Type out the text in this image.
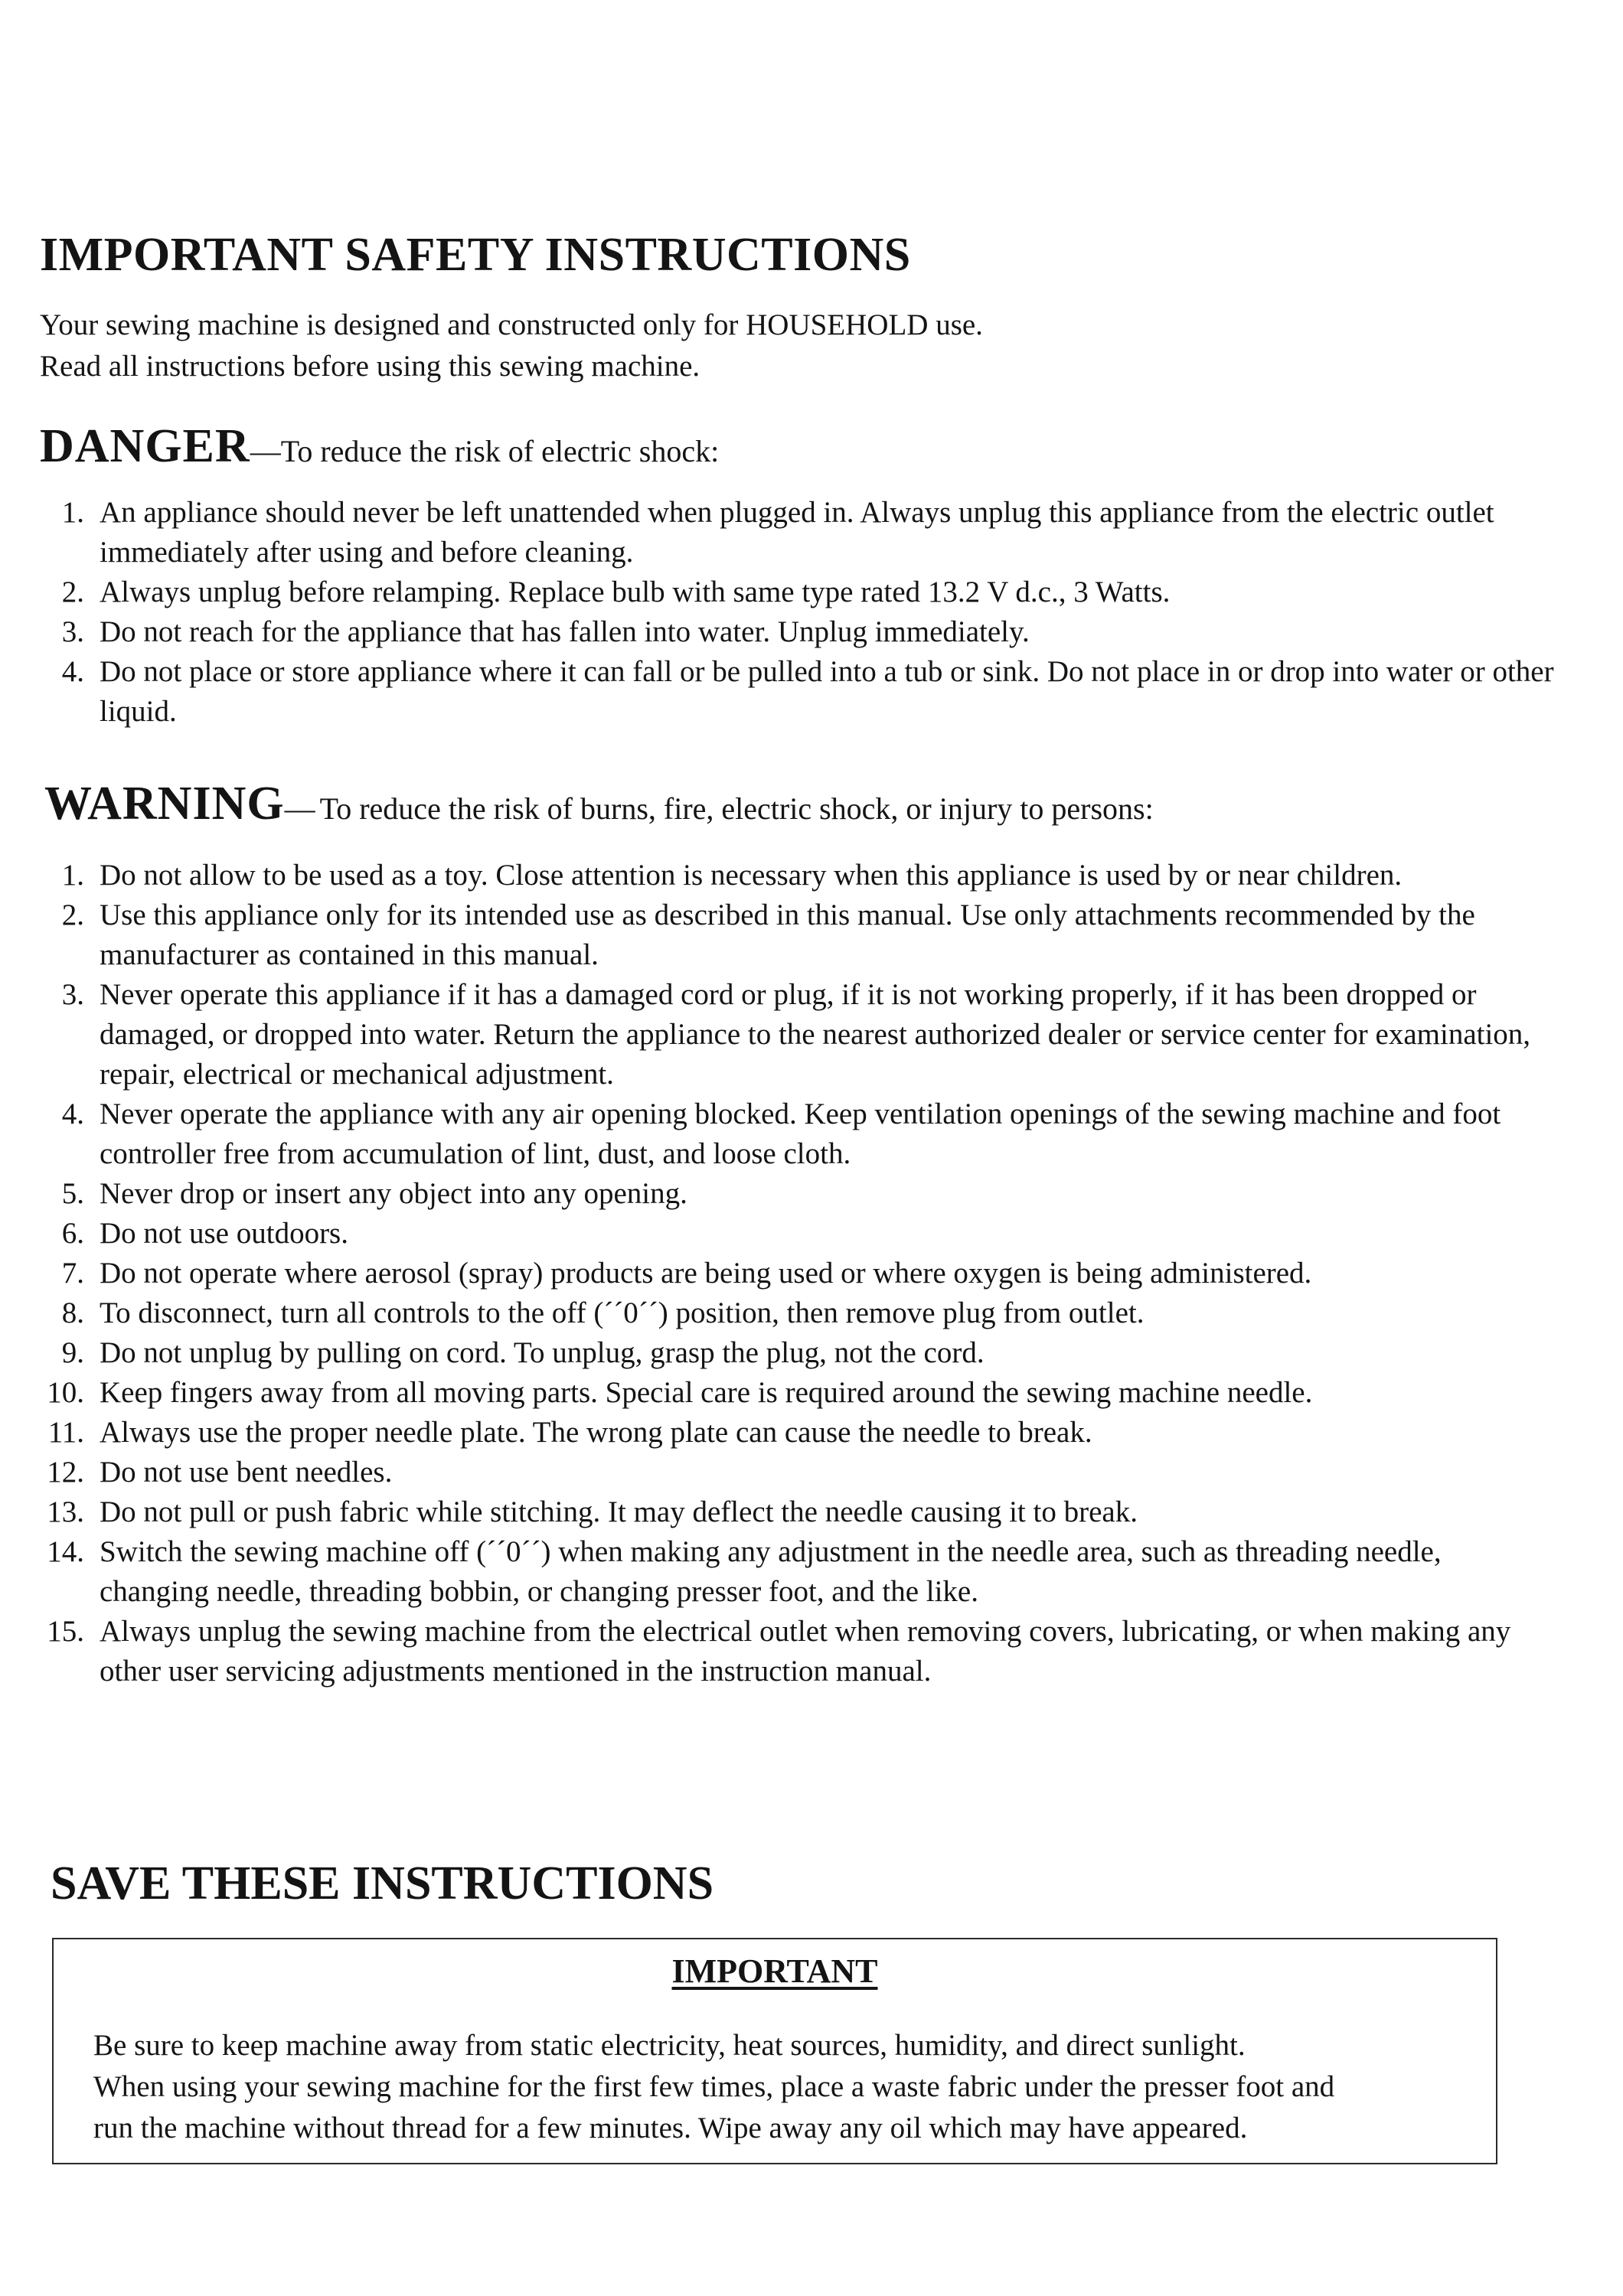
IMPORTANT SAFETY INSTRUCTIONS

Your sewing machine is designed and constructed only for HOUSEHOLD use.

Read all instructions before using this sewing machine.

DANGER—To reduce the risk of electric shock:
1. An appliance should never be left unattended when plugged in. Always unplug this appliance from the electric outlet immediately after using and before cleaning.
2. Always unplug before relamping. Replace bulb with same type rated 13.2 V d.c., 3 Watts.
3. Do not reach for the appliance that has fallen into water. Unplug immediately.
4. Do not place or store appliance where it can fall or be pulled into a tub or sink. Do not place in or drop into water or other liquid.
WARNING— To reduce the risk of burns, fire, electric shock, or injury to persons:
1. Do not allow to be used as a toy. Close attention is necessary when this appliance is used by or near children.
2. Use this appliance only for its intended use as described in this manual. Use only attachments recommended by the manufacturer as contained in this manual.
3. Never operate this appliance if it has a damaged cord or plug, if it is not working properly, if it has been dropped or damaged, or dropped into water. Return the appliance to the nearest authorized dealer or service center for examination, repair, electrical or mechanical adjustment.
4. Never operate the appliance with any air opening blocked. Keep ventilation openings of the sewing machine and foot controller free from accumulation of lint, dust, and loose cloth.
5. Never drop or insert any object into any opening.
6. Do not use outdoors.
7. Do not operate where aerosol (spray) products are being used or where oxygen is being administered.
8. To disconnect, turn all controls to the off (´´0´´) position, then remove plug from outlet.
9. Do not unplug by pulling on cord. To unplug, grasp the plug, not the cord.
10. Keep fingers away from all moving parts. Special care is required around the sewing machine needle.
11. Always use the proper needle plate. The wrong plate can cause the needle to break.
12. Do not use bent needles.
13. Do not pull or push fabric while stitching. It may deflect the needle causing it to break.
14. Switch the sewing machine off (´´0´´) when making any adjustment in the needle area, such as threading needle, changing needle, threading bobbin, or changing presser foot, and the like.
15. Always unplug the sewing machine from the electrical outlet when removing covers, lubricating, or when making any other user servicing adjustments mentioned in the instruction manual.
SAVE THESE INSTRUCTIONS
IMPORTANT

Be sure to keep machine away from static electricity, heat sources, humidity, and direct sunlight.

When using your sewing machine for the first few times, place a waste fabric under the presser foot and

run the machine without thread for a few minutes. Wipe away any oil which may have appeared.
